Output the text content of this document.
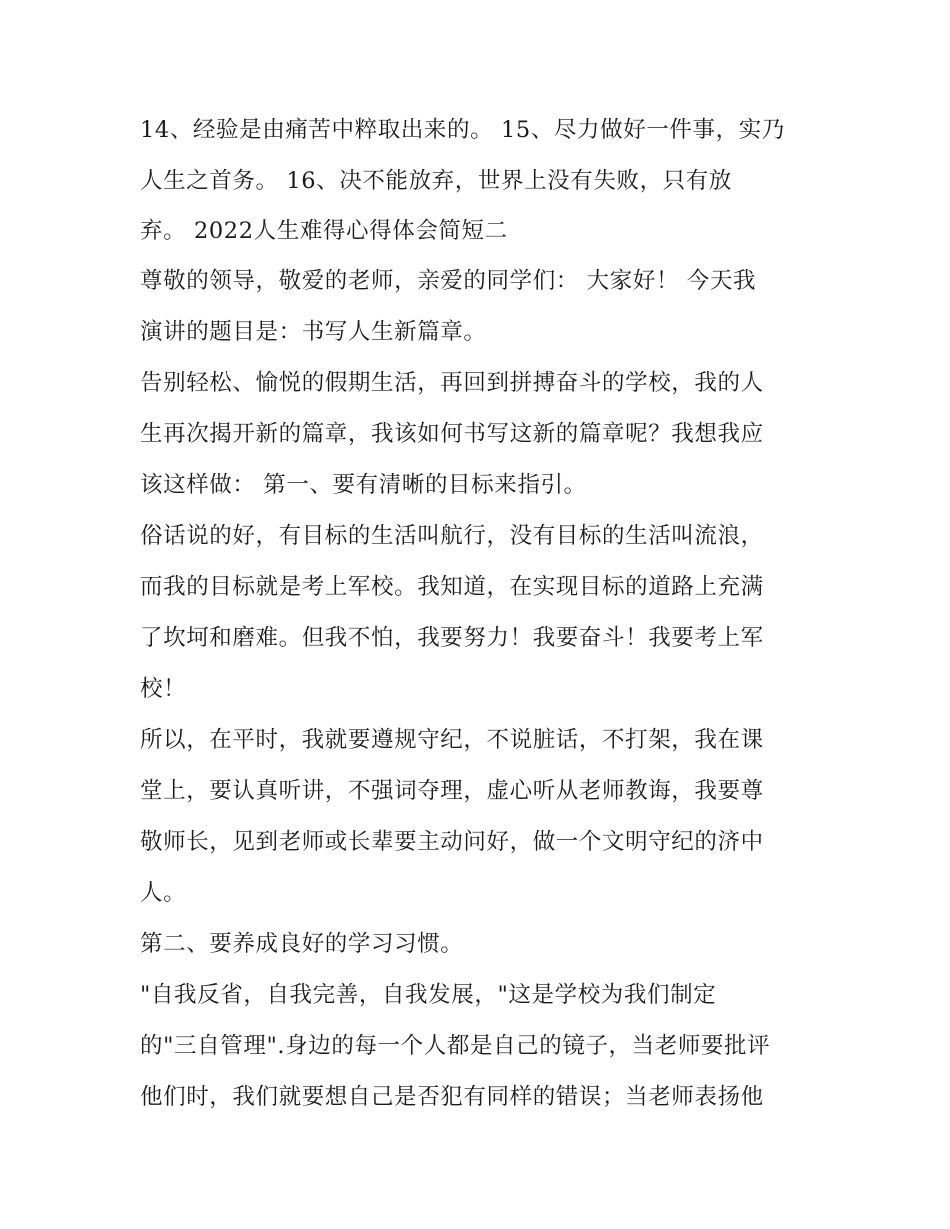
14、经验是由痛苦中粹取出来的。 15、尽力做好一件事，实乃

人生之首务。 16、决不能放弃，世界上没有失败，只有放

弃。 2022人生难得心得体会简短二

尊敬的领导，敬爱的老师，亲爱的同学们： 大家好！ 今天我

演讲的题目是：书写人生新篇章。

告别轻松、愉悦的假期生活，再回到拼搏奋斗的学校，我的人

生再次揭开新的篇章，我该如何书写这新的篇章呢？我想我应

该这样做： 第一、要有清晰的目标来指引。

俗话说的好，有目标的生活叫航行，没有目标的生活叫流浪，

而我的目标就是考上军校。我知道，在实现目标的道路上充满

了坎坷和磨难。但我不怕，我要努力！我要奋斗！我要考上军

校！

所以，在平时，我就要遵规守纪，不说脏话，不打架，我在课

堂上，要认真听讲，不强词夺理，虚心听从老师教诲，我要尊

敬师长，见到老师或长辈要主动问好，做一个文明守纪的济中

人。

第二、要养成良好的学习习惯。

"自我反省，自我完善，自我发展，"这是学校为我们制定

的"三自管理".身边的每一个人都是自己的镜子，当老师要批评

他们时，我们就要想自己是否犯有同样的错误；当老师表扬他
